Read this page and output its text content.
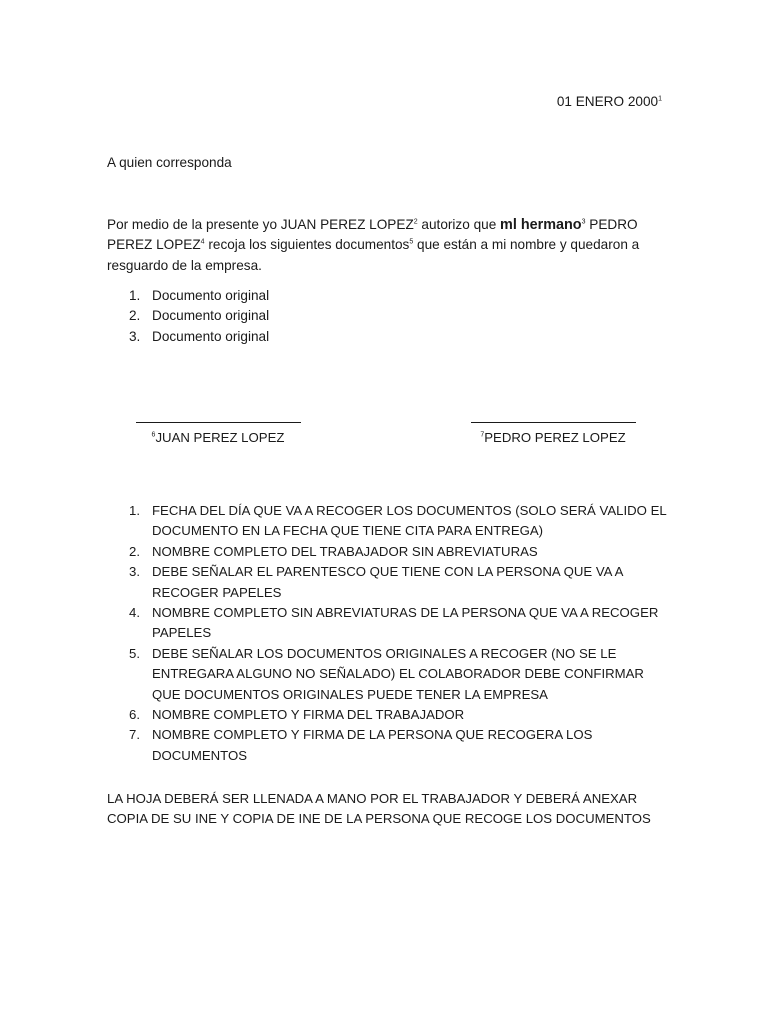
01 ENERO 2000$^1$
A quien corresponda
Por medio de la presente yo JUAN PEREZ LOPEZ$^2$ autorizo que ml hermano$^3$ PEDRO PEREZ LOPEZ$^4$ recoja los siguientes documentos$^5$ que están a mi nombre y quedaron a resguardo de la empresa.
1. Documento original
2. Documento original
3. Documento original
$^6$JUAN PEREZ LOPEZ	$^7$PEDRO PEREZ LOPEZ
1. FECHA DEL DÍA QUE VA A RECOGER LOS DOCUMENTOS (SOLO SERÁ VALIDO EL DOCUMENTO EN LA FECHA QUE TIENE CITA PARA ENTREGA)
2. NOMBRE COMPLETO DEL TRABAJADOR SIN ABREVIATURAS
3. DEBE SEÑALAR EL PARENTESCO QUE TIENE CON LA PERSONA QUE VA A RECOGER PAPELES
4. NOMBRE COMPLETO SIN ABREVIATURAS DE LA PERSONA QUE VA A RECOGER PAPELES
5. DEBE SEÑALAR LOS DOCUMENTOS ORIGINALES A RECOGER (NO SE LE ENTREGARA ALGUNO NO SEÑALADO) EL COLABORADOR DEBE CONFIRMAR QUE DOCUMENTOS ORIGINALES PUEDE TENER LA EMPRESA
6. NOMBRE COMPLETO Y FIRMA DEL TRABAJADOR
7. NOMBRE COMPLETO Y FIRMA DE LA PERSONA QUE RECOGERA LOS DOCUMENTOS
LA HOJA DEBERÁ SER LLENADA A MANO POR EL TRABAJADOR Y DEBERÁ ANEXAR COPIA DE SU INE Y COPIA DE INE DE LA PERSONA QUE RECOGE LOS DOCUMENTOS
